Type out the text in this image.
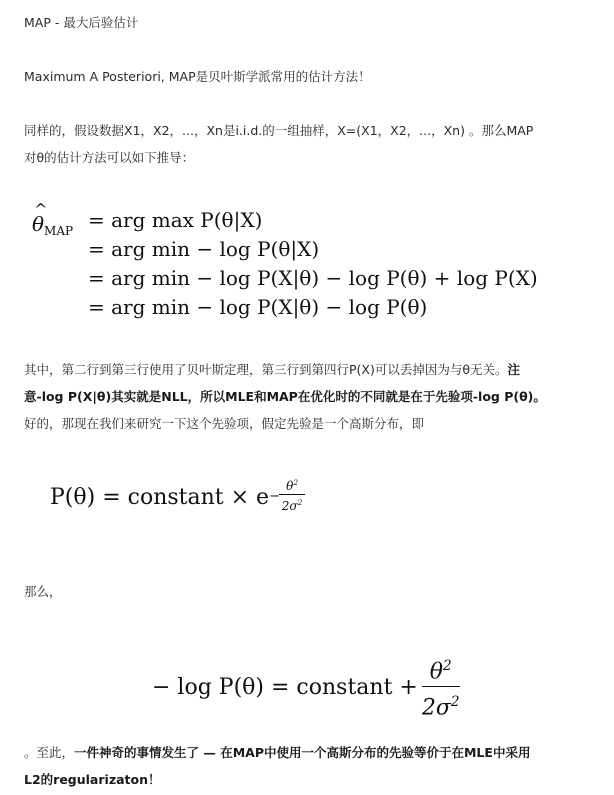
MAP - 最大后验估计
Maximum A Posteriori, MAP是贝叶斯学派常用的估计方法！
同样的，假设数据X1，X2，...，Xn是i.i.d.的一组抽样，X=(X1，X2，...，Xn) 。那么MAP
对θ的估计方法可以如下推导：
θ
^
$_{MAP}$ = arg max P(θ|X)
= arg min − log P(θ|X)
= arg min − log P(X|θ) − log P(θ) + log P(X)
= arg min − log P(X|θ) − log P(θ)
其中，第二行到第三行使用了贝叶斯定理，第三行到第四行P(X)可以丢掉因为与θ无关。注
意-log P(X|θ)其实就是NLL，所以MLE和MAP在优化时的不同就是在于先验项-log P(θ)。
好的，那现在我们来研究一下这个先验项，假定先验是一个高斯分布，即
P(θ) = constant × $e - \frac{\theta^2}{2\sigma^2}$
那么，
− log P(θ) = constant + $\frac{\theta^2}{2\sigma^2}$
。至此，一件神奇的事情发生了 — 在MAP中使用一个高斯分布的先验等价于在MLE中采用
L2的regularizaton！
